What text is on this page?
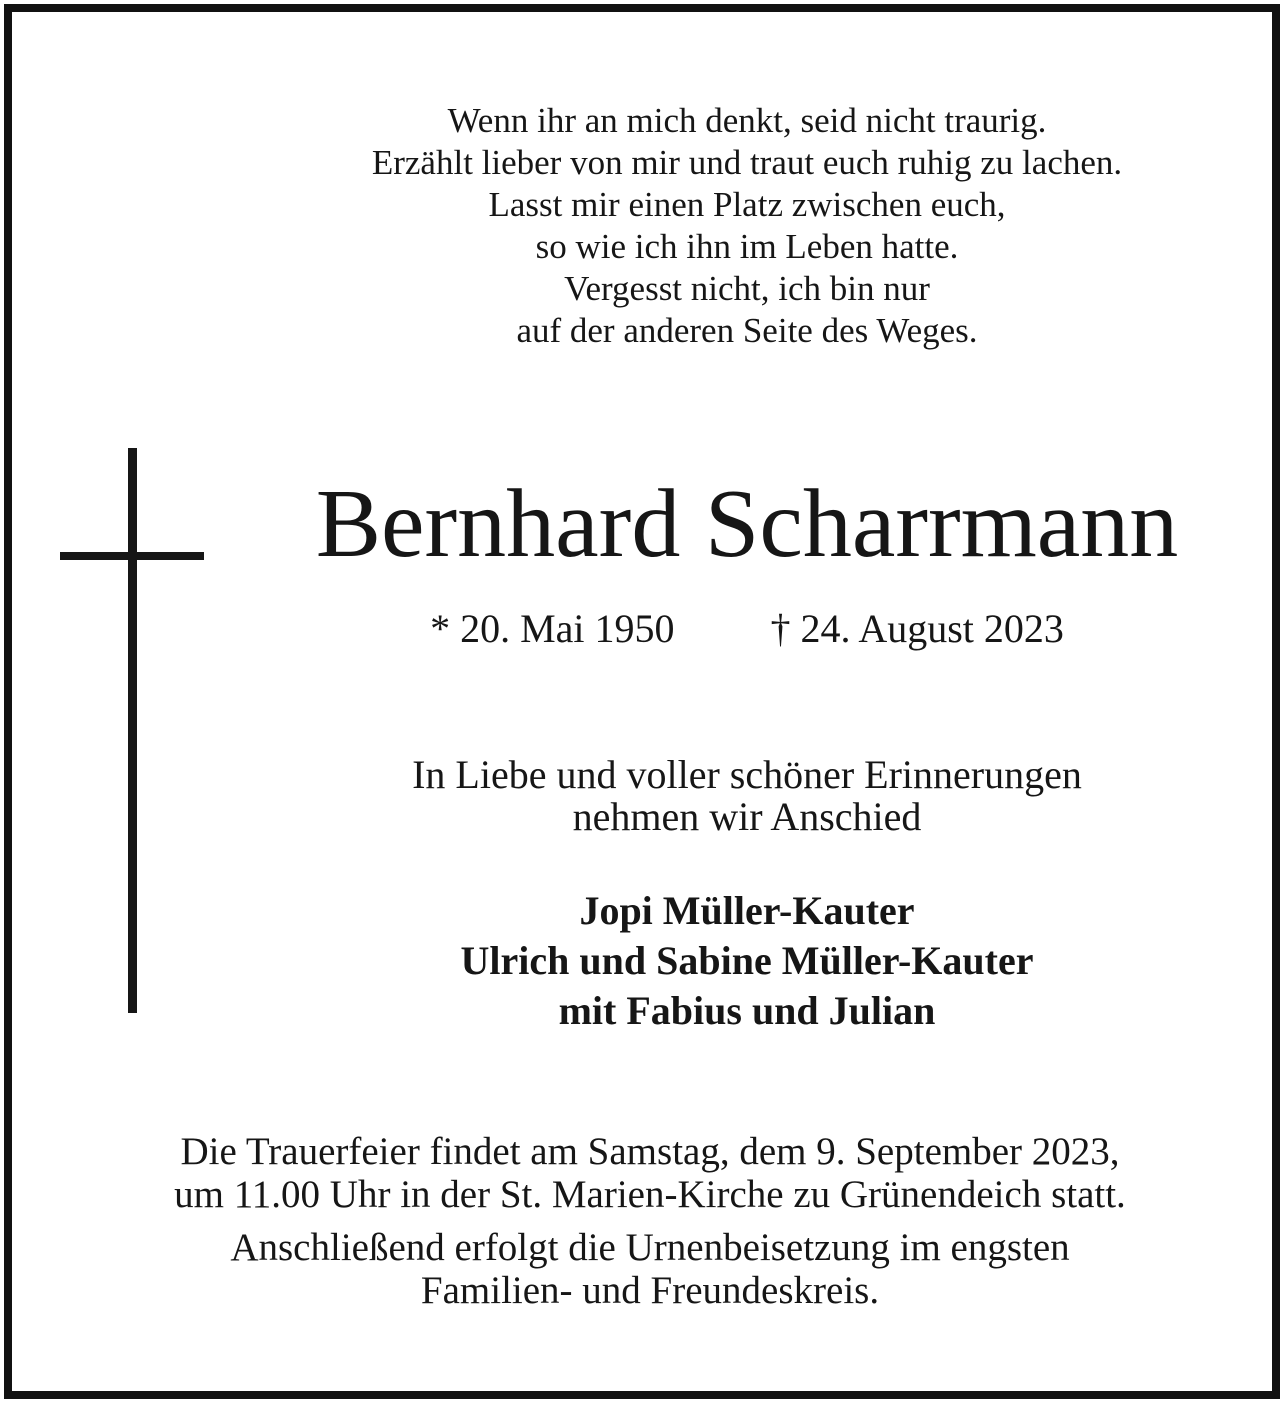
Wenn ihr an mich denkt, seid nicht traurig.
Erzählt lieber von mir und traut euch ruhig zu lachen.
Lasst mir einen Platz zwischen euch,
so wie ich ihn im Leben hatte.
Vergesst nicht, ich bin nur
auf der anderen Seite des Weges.
Bernhard Scharrmann
* 20. Mai 1950 † 24. August 2023
In Liebe und voller schöner Erinnerungen
nehmen wir Anschied
Jopi Müller-Kauter
Ulrich und Sabine Müller-Kauter
mit Fabius und Julian
Die Trauerfeier findet am Samstag, dem 9. September 2023,
um 11.00 Uhr in der St. Marien-Kirche zu Grünendeich statt.
Anschließend erfolgt die Urnenbeisetzung im engsten
Familien- und Freundeskreis.
